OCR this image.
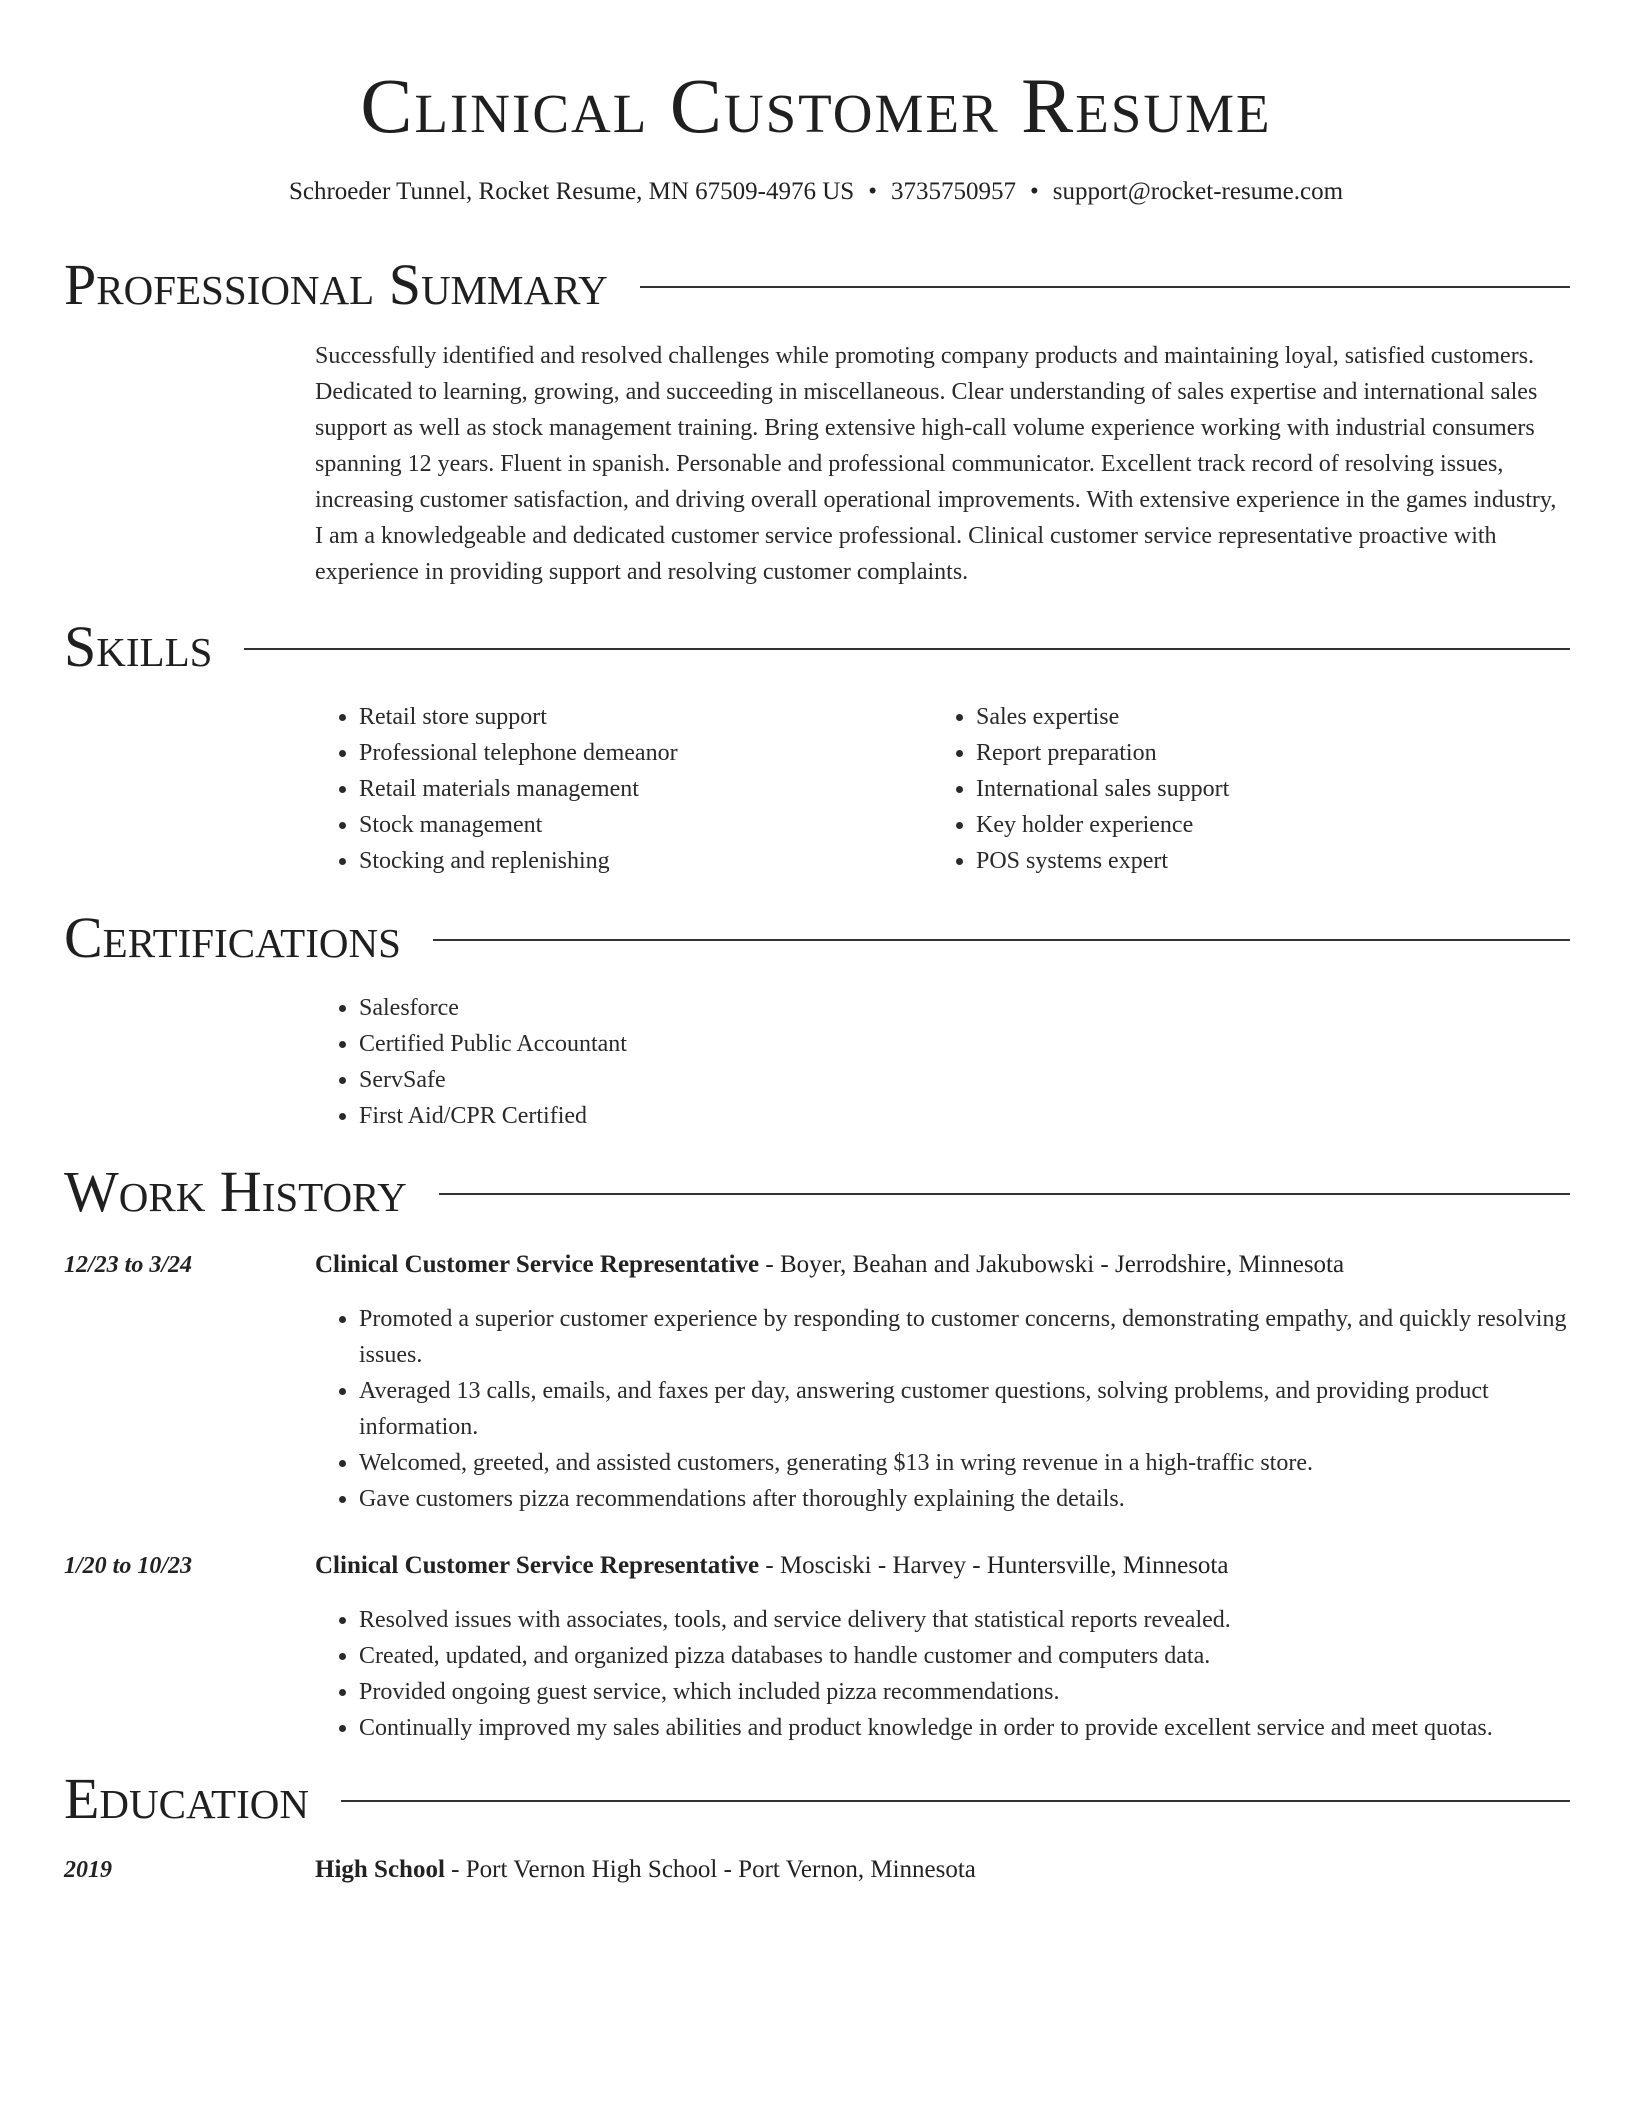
Clinical Customer Resume
Schroeder Tunnel, Rocket Resume, MN 67509-4976 US • 3735750957 • support@rocket-resume.com
Professional Summary

Successfully identified and resolved challenges while promoting company products and maintaining loyal, satisfied customers. Dedicated to learning, growing, and succeeding in miscellaneous. Clear understanding of sales expertise and international sales support as well as stock management training. Bring extensive high-call volume experience working with industrial consumers spanning 12 years. Fluent in spanish. Personable and professional communicator. Excellent track record of resolving issues, increasing customer satisfaction, and driving overall operational improvements. With extensive experience in the games industry, I am a knowledgeable and dedicated customer service professional. Clinical customer service representative proactive with experience in providing support and resolving customer complaints.

Skills
• Retail store support
• Professional telephone demeanor
• Retail materials management
• Stock management
• Stocking and replenishing
• Sales expertise
• Report preparation
• International sales support
• Key holder experience
• POS systems expert
Certifications
• Salesforce
• Certified Public Accountant
• ServSafe
• First Aid/CPR Certified
Work History
12/23 to 3/24	Clinical Customer Service Representative - Boyer, Beahan and Jakubowski - Jerrodshire, Minnesota
• Promoted a superior customer experience by responding to customer concerns, demonstrating empathy, and quickly resolving issues.
• Averaged 13 calls, emails, and faxes per day, answering customer questions, solving problems, and providing product information.
• Welcomed, greeted, and assisted customers, generating $13 in wring revenue in a high-traffic store.
• Gave customers pizza recommendations after thoroughly explaining the details.
1/20 to 10/23	Clinical Customer Service Representative - Mosciski - Harvey - Huntersville, Minnesota
• Resolved issues with associates, tools, and service delivery that statistical reports revealed.
• Created, updated, and organized pizza databases to handle customer and computers data.
• Provided ongoing guest service, which included pizza recommendations.
• Continually improved my sales abilities and product knowledge in order to provide excellent service and meet quotas.
Education
2019	High School - Port Vernon High School - Port Vernon, Minnesota
